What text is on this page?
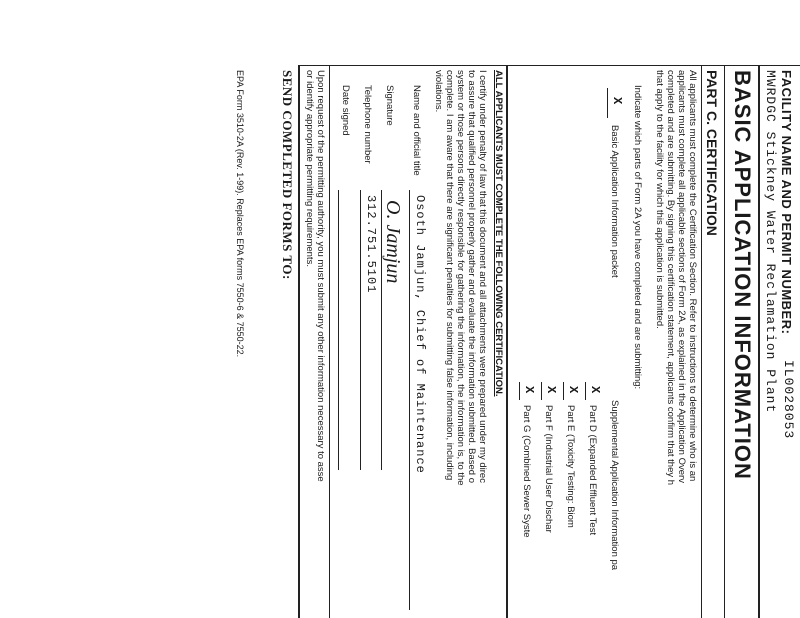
FACILITY NAME AND PERMIT NUMBER:
IL0028053
MWRDGC Stickney Water Reclamation Plant
BASIC APPLICATION INFORMATION
PART C. CERTIFICATION
All applicants must complete the Certification Section. Refer to instructions to determine who is an
applicants must complete all applicable sections of Form 2A, as explained in the Application Overv
completed and are submitting. By signing this certification statement, applicants confirm that they h
that apply to the facility for which this application is submitted.
Indicate which parts of Form 2A you have completed and are submitting:
X
Basic Application Information packet
Supplemental Application Information pa
X
Part D (Expanded Effluent Test
X
Part E (Toxicity Testing: Biom
X
Part F (Industrial User Dischar
X
Part G (Combined Sewer Syste
ALL APPLICANTS MUST COMPLETE THE FOLLOWING CERTIFICATION.
I certify under penalty of law that this document and all attachments were prepared under my direc
to assure that qualified personnel properly gather and evaluate the information submitted. Based o
system or those persons directly responsible for gathering the information, the information is, to the
complete. I am aware that there are significant penalties for submitting false information, including
violations.
Name and official title
Osoth Jamjun, Chief of Maintenance
Signature
O. Jamjun
Telephone number
312.751.5101
Date signed
Upon request of the permitting authority, you must submit any other information necessary to asse
or identify appropriate permitting requirements.
SEND COMPLETED FORMS TO:
EPA Form 3510-2A (Rev. 1-99). Replaces EPA forms 7550-6 & 7550-22.
